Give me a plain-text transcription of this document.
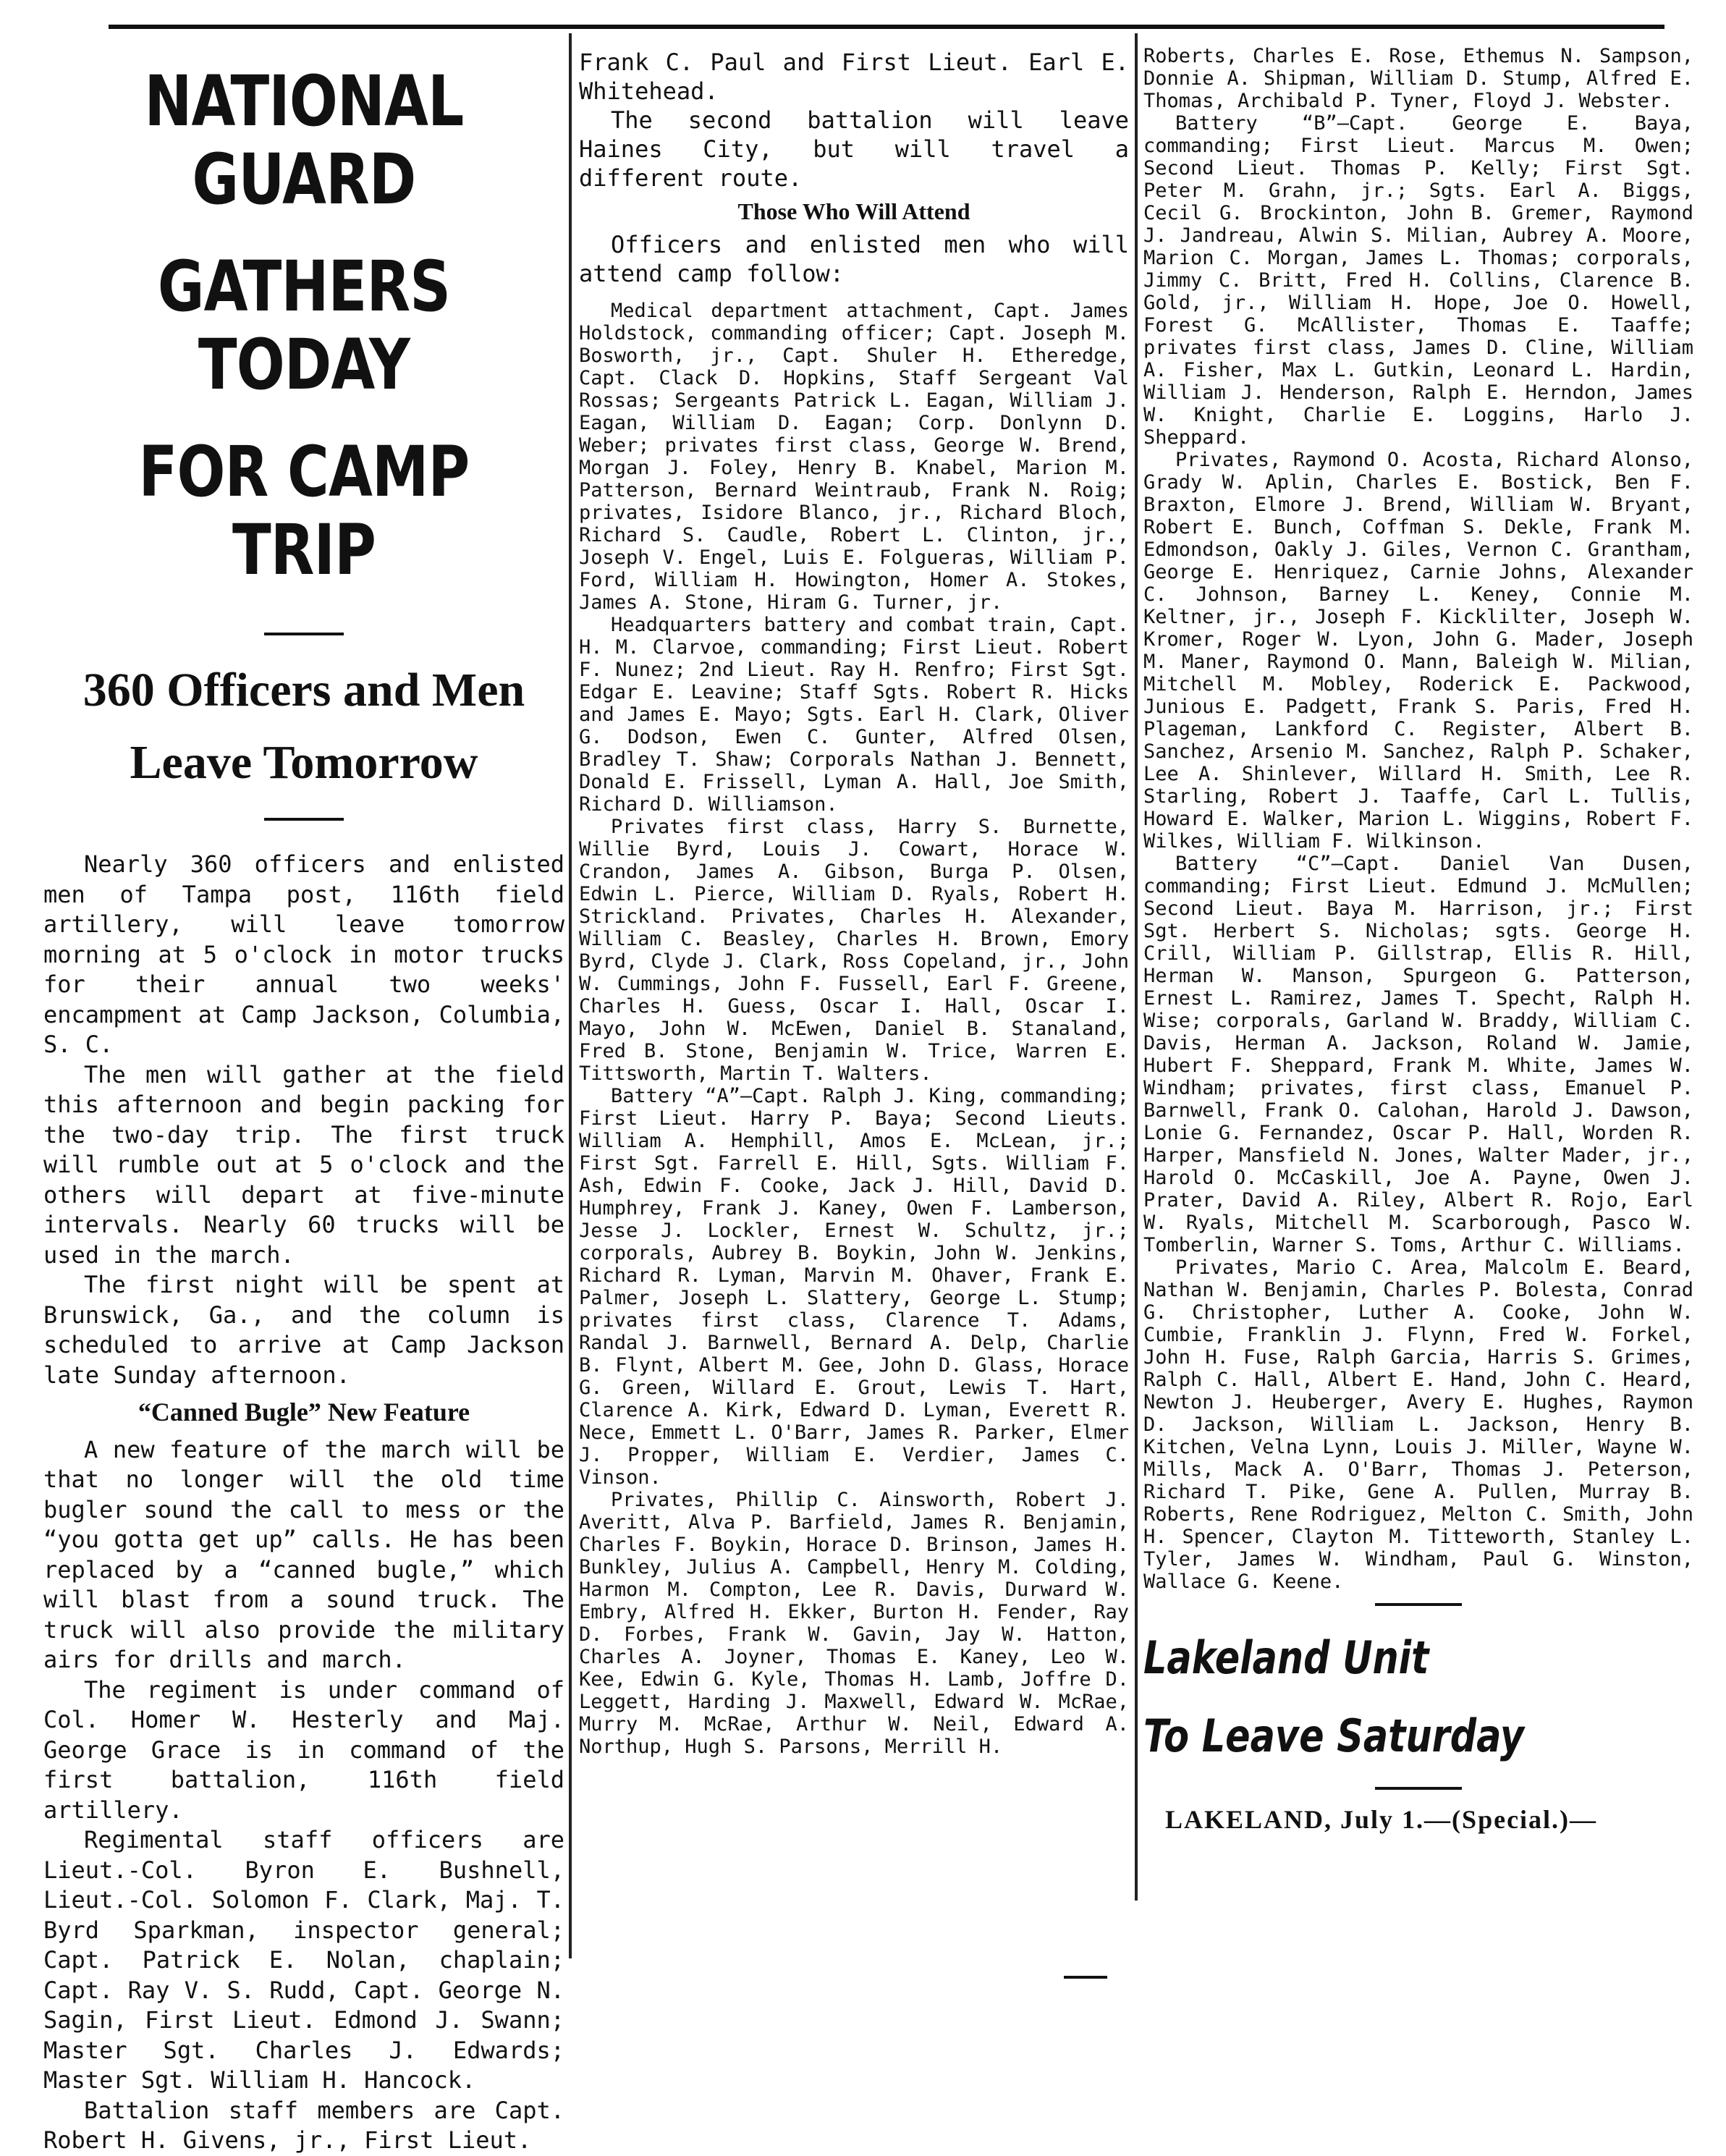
NATIONAL GUARD
GATHERS TODAY
FOR CAMP TRIP
360 Officers and Men
Leave Tomorrow

Nearly 360 officers and enlisted men of Tampa post, 116th field artillery, will leave tomorrow morning at 5 o'clock in motor trucks for their annual two weeks' encampment at Camp Jackson, Columbia, S. C.

The men will gather at the field this afternoon and begin packing for the two-day trip. The first truck will rumble out at 5 o'clock and the others will depart at five-minute intervals. Nearly 60 trucks will be used in the march.

The first night will be spent at Brunswick, Ga., and the column is scheduled to arrive at Camp Jackson late Sunday afternoon.

“Canned Bugle” New Feature

A new feature of the march will be that no longer will the old time bugler sound the call to mess or the “you gotta get up” calls. He has been replaced by a “canned bugle,” which will blast from a sound truck. The truck will also provide the military airs for drills and march.

The regiment is under command of Col. Homer W. Hesterly and Maj. George Grace is in command of the first battalion, 116th field artillery.

Regimental staff officers are Lieut.-Col. Byron E. Bushnell, Lieut.-Col. Solomon F. Clark, Maj. T. Byrd Sparkman, inspector general; Capt. Patrick E. Nolan, chaplain; Capt. Ray V. S. Rudd, Capt. George N. Sagin, First Lieut. Edmond J. Swann; Master Sgt. Charles J. Edwards; Master Sgt. William H. Hancock.

Battalion staff members are Capt. Robert H. Givens, jr., First Lieut.

Frank C. Paul and First Lieut. Earl E. Whitehead.

The second battalion will leave Haines City, but will travel a different route.

Those Who Will Attend

Officers and enlisted men who will attend camp follow:

Medical department attachment, Capt. James Holdstock, commanding officer; Capt. Joseph M. Bosworth, jr., Capt. Shuler H. Etheredge, Capt. Clack D. Hopkins, Staff Sergeant Val Rossas; Sergeants Patrick L. Eagan, William J. Eagan, William D. Eagan; Corp. Donlynn D. Weber; privates first class, George W. Brend, Morgan J. Foley, Henry B. Knabel, Marion M. Patterson, Bernard Weintraub, Frank N. Roig; privates, Isidore Blanco, jr., Richard Bloch, Richard S. Caudle, Robert L. Clinton, jr., Joseph V. Engel, Luis E. Folgueras, William P. Ford, William H. Howington, Homer A. Stokes, James A. Stone, Hiram G. Turner, jr.

Headquarters battery and combat train, Capt. H. M. Clarvoe, commanding; First Lieut. Robert F. Nunez; 2nd Lieut. Ray H. Renfro; First Sgt. Edgar E. Leavine; Staff Sgts. Robert R. Hicks and James E. Mayo; Sgts. Earl H. Clark, Oliver G. Dodson, Ewen C. Gunter, Alfred Olsen, Bradley T. Shaw; Corporals Nathan J. Bennett, Donald E. Frissell, Lyman A. Hall, Joe Smith, Richard D. Williamson.

Privates first class, Harry S. Burnette, Willie Byrd, Louis J. Cowart, Horace W. Crandon, James A. Gibson, Burga P. Olsen, Edwin L. Pierce, William D. Ryals, Robert H. Strickland. Privates, Charles H. Alexander, William C. Beasley, Charles H. Brown, Emory Byrd, Clyde J. Clark, Ross Copeland, jr., John W. Cummings, John F. Fussell, Earl F. Greene, Charles H. Guess, Oscar I. Hall, Oscar I. Mayo, John W. McEwen, Daniel B. Stanaland, Fred B. Stone, Benjamin W. Trice, Warren E. Tittsworth, Martin T. Walters.

Battery “A”—Capt. Ralph J. King, commanding; First Lieut. Harry P. Baya; Second Lieuts. William A. Hemphill, Amos E. McLean, jr.; First Sgt. Farrell E. Hill, Sgts. William F. Ash, Edwin F. Cooke, Jack J. Hill, David D. Humphrey, Frank J. Kaney, Owen F. Lamberson, Jesse J. Lockler, Ernest W. Schultz, jr.; corporals, Aubrey B. Boykin, John W. Jenkins, Richard R. Lyman, Marvin M. Ohaver, Frank E. Palmer, Joseph L. Slattery, George L. Stump; privates first class, Clarence T. Adams, Randal J. Barnwell, Bernard A. Delp, Charlie B. Flynt, Albert M. Gee, John D. Glass, Horace G. Green, Willard E. Grout, Lewis T. Hart, Clarence A. Kirk, Edward D. Lyman, Everett R. Nece, Emmett L. O'Barr, James R. Parker, Elmer J. Propper, William E. Verdier, James C. Vinson.

Privates, Phillip C. Ainsworth, Robert J. Averitt, Alva P. Barfield, James R. Benjamin, Charles F. Boykin, Horace D. Brinson, James H. Bunkley, Julius A. Campbell, Henry M. Colding, Harmon M. Compton, Lee R. Davis, Durward W. Embry, Alfred H. Ekker, Burton H. Fender, Ray D. Forbes, Frank W. Gavin, Jay W. Hatton, Charles A. Joyner, Thomas E. Kaney, Leo W. Kee, Edwin G. Kyle, Thomas H. Lamb, Joffre D. Leggett, Harding J. Maxwell, Edward W. McRae, Murry M. McRae, Arthur W. Neil, Edward A. Northup, Hugh S. Parsons, Merrill H.

Roberts, Charles E. Rose, Ethemus N. Sampson, Donnie A. Shipman, William D. Stump, Alfred E. Thomas, Archibald P. Tyner, Floyd J. Webster.

Battery “B”—Capt. George E. Baya, commanding; First Lieut. Marcus M. Owen; Second Lieut. Thomas P. Kelly; First Sgt. Peter M. Grahn, jr.; Sgts. Earl A. Biggs, Cecil G. Brockinton, John B. Gremer, Raymond J. Jandreau, Alwin S. Milian, Aubrey A. Moore, Marion C. Morgan, James L. Thomas; corporals, Jimmy C. Britt, Fred H. Collins, Clarence B. Gold, jr., William H. Hope, Joe O. Howell, Forest G. McAllister, Thomas E. Taaffe; privates first class, James D. Cline, William A. Fisher, Max L. Gutkin, Leonard L. Hardin, William J. Henderson, Ralph E. Herndon, James W. Knight, Charlie E. Loggins, Harlo J. Sheppard.

Privates, Raymond O. Acosta, Richard Alonso, Grady W. Aplin, Charles E. Bostick, Ben F. Braxton, Elmore J. Brend, William W. Bryant, Robert E. Bunch, Coffman S. Dekle, Frank M. Edmondson, Oakly J. Giles, Vernon C. Grantham, George E. Henriquez, Carnie Johns, Alexander C. Johnson, Barney L. Keney, Connie M. Keltner, jr., Joseph F. Kicklilter, Joseph W. Kromer, Roger W. Lyon, John G. Mader, Joseph M. Maner, Raymond O. Mann, Baleigh W. Milian, Mitchell M. Mobley, Roderick E. Packwood, Junious E. Padgett, Frank S. Paris, Fred H. Plageman, Lankford C. Register, Albert B. Sanchez, Arsenio M. Sanchez, Ralph P. Schaker, Lee A. Shinlever, Willard H. Smith, Lee R. Starling, Robert J. Taaffe, Carl L. Tullis, Howard E. Walker, Marion L. Wiggins, Robert F. Wilkes, William F. Wilkinson.

Battery “C”—Capt. Daniel Van Dusen, commanding; First Lieut. Edmund J. McMullen; Second Lieut. Baya M. Harrison, jr.; First Sgt. Herbert S. Nicholas; sgts. George H. Crill, William P. Gillstrap, Ellis R. Hill, Herman W. Manson, Spurgeon G. Patterson, Ernest L. Ramirez, James T. Specht, Ralph H. Wise; corporals, Garland W. Braddy, William C. Davis, Herman A. Jackson, Roland W. Jamie, Hubert F. Sheppard, Frank M. White, James W. Windham; privates, first class, Emanuel P. Barnwell, Frank O. Calohan, Harold J. Dawson, Lonie G. Fernandez, Oscar P. Hall, Worden R. Harper, Mansfield N. Jones, Walter Mader, jr., Harold O. McCaskill, Joe A. Payne, Owen J. Prater, David A. Riley, Albert R. Rojo, Earl W. Ryals, Mitchell M. Scarborough, Pasco W. Tomberlin, Warner S. Toms, Arthur C. Williams.

Privates, Mario C. Area, Malcolm E. Beard, Nathan W. Benjamin, Charles P. Bolesta, Conrad G. Christopher, Luther A. Cooke, John W. Cumbie, Franklin J. Flynn, Fred W. Forkel, John H. Fuse, Ralph Garcia, Harris S. Grimes, Ralph C. Hall, Albert E. Hand, John C. Heard, Newton J. Heuberger, Avery E. Hughes, Raymon D. Jackson, William L. Jackson, Henry B. Kitchen, Velna Lynn, Louis J. Miller, Wayne W. Mills, Mack A. O'Barr, Thomas J. Peterson, Richard T. Pike, Gene A. Pullen, Murray B. Roberts, Rene Rodriguez, Melton C. Smith, John H. Spencer, Clayton M. Titteworth, Stanley L. Tyler, James W. Windham, Paul G. Winston, Wallace G. Keene.

Lakeland Unit
To Leave Saturday
LAKELAND, July 1.—(Special.)—
